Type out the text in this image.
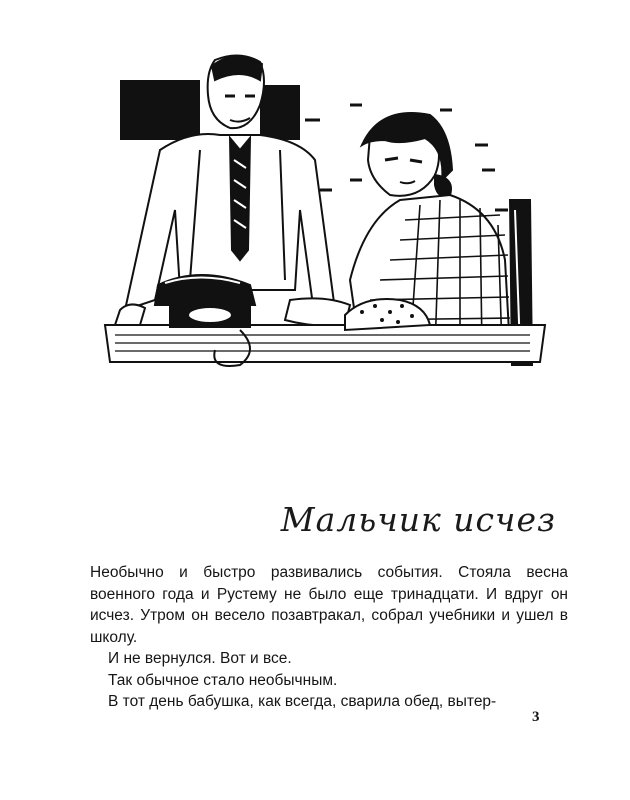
Мальчик исчез
Необычно и быстро развивались события. Стояла весна военного года и Рустему не было еще тринадцати. И вдруг он исчез. Утром он весело позавтракал, собрал учебники и ушел в школу.
И не вернулся. Вот и все.
Так обычное стало необычным.
В тот день бабушка, как всегда, сварила обед, вытер-
3
